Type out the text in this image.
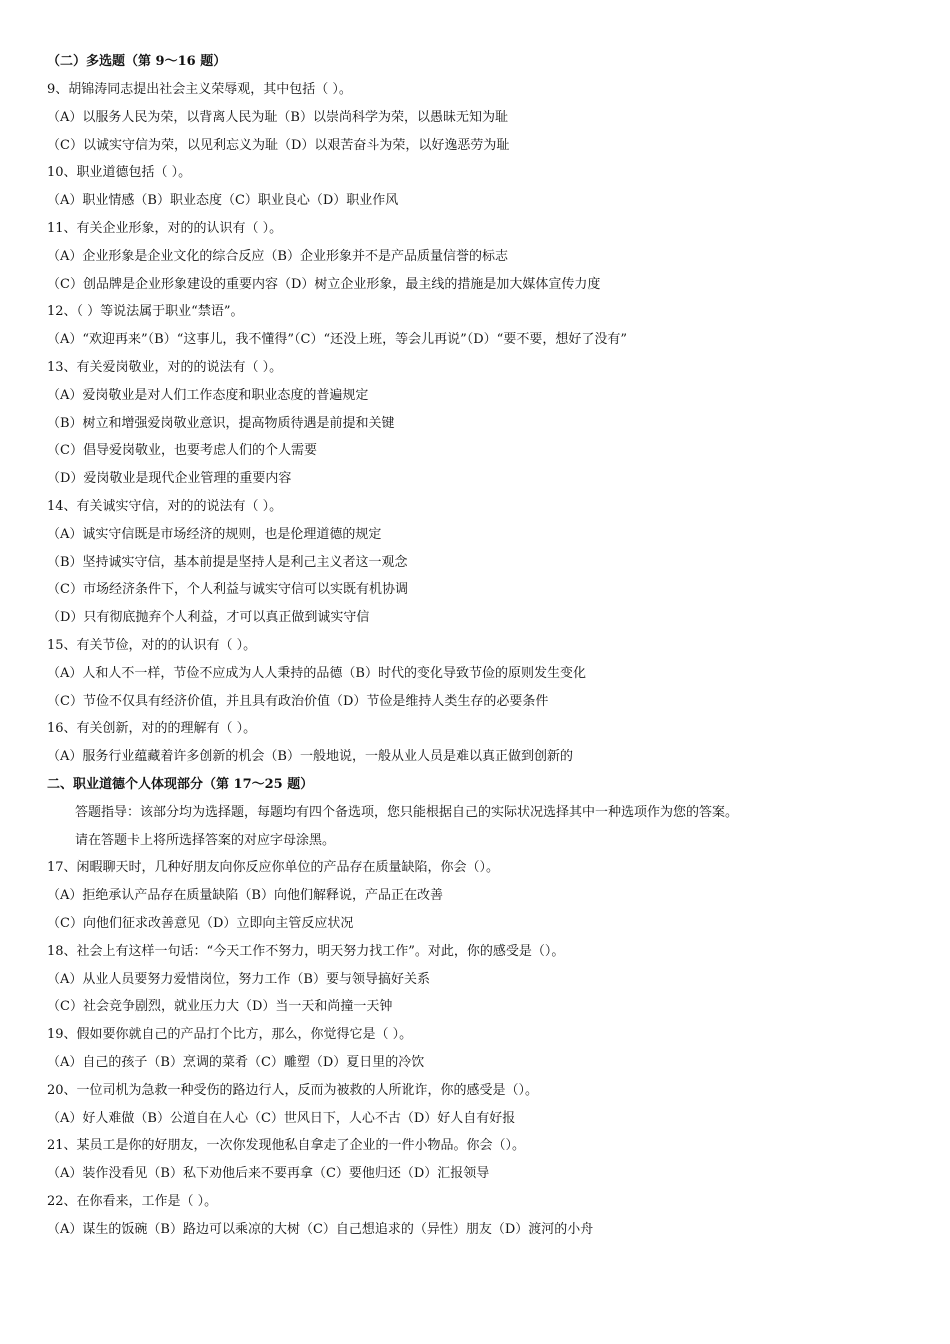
（二）多选题（第 9～16 题）
9、胡锦涛同志提出社会主义荣辱观，其中包括（ ）。
（A）以服务人民为荣，以背离人民为耻（B）以崇尚科学为荣，以愚昧无知为耻
（C）以诚实守信为荣，以见利忘义为耻（D）以艰苦奋斗为荣，以好逸恶劳为耻
10、职业道德包括（ ）。
（A）职业情感（B）职业态度（C）职业良心（D）职业作风
11、有关企业形象，对的的认识有（ ）。
（A）企业形象是企业文化的综合反应（B）企业形象并不是产品质量信誉的标志
（C）创品牌是企业形象建设的重要内容（D）树立企业形象，最主线的措施是加大媒体宣传力度
12、（ ）等说法属于职业“禁语”。
（A）“欢迎再来”（B）“这事儿，我不懂得”（C）“还没上班，等会儿再说”（D）“要不要，想好了没有”
13、有关爱岗敬业，对的的说法有（ ）。
（A）爱岗敬业是对人们工作态度和职业态度的普遍规定
（B）树立和增强爱岗敬业意识，提高物质待遇是前提和关键
（C）倡导爱岗敬业，也要考虑人们的个人需要
（D）爱岗敬业是现代企业管理的重要内容
14、有关诚实守信，对的的说法有（ ）。
（A）诚实守信既是市场经济的规则，也是伦理道德的规定
（B）坚持诚实守信，基本前提是坚持人是利己主义者这一观念
（C）市场经济条件下，个人利益与诚实守信可以实既有机协调
（D）只有彻底抛弃个人利益，才可以真正做到诚实守信
15、有关节俭，对的的认识有（ ）。
（A）人和人不一样，节俭不应成为人人秉持的品德（B）时代的变化导致节俭的原则发生变化
（C）节俭不仅具有经济价值，并且具有政治价值（D）节俭是维持人类生存的必要条件
16、有关创新，对的的理解有（ ）。
（A）服务行业蕴藏着许多创新的机会（B）一般地说，一般从业人员是难以真正做到创新的
二、职业道德个人体现部分（第 17～25 题）
答题指导：该部分均为选择题，每题均有四个备选项，您只能根据自己的实际状况选择其中一种选项作为您的答案。
请在答题卡上将所选择答案的对应字母涂黑。
17、闲暇聊天时，几种好朋友向你反应你单位的产品存在质量缺陷，你会（）。
（A）拒绝承认产品存在质量缺陷（B）向他们解释说，产品正在改善
（C）向他们征求改善意见（D）立即向主管反应状况
18、社会上有这样一句话：“今天工作不努力，明天努力找工作”。对此，你的感受是（）。
（A）从业人员要努力爱惜岗位，努力工作（B）要与领导搞好关系
（C）社会竞争剧烈，就业压力大（D）当一天和尚撞一天钟
19、假如要你就自己的产品打个比方，那么，你觉得它是（ ）。
（A）自己的孩子（B）烹调的菜肴（C）雕塑（D）夏日里的冷饮
20、一位司机为急救一种受伤的路边行人，反而为被救的人所讹诈，你的感受是（）。
（A）好人难做（B）公道自在人心（C）世风日下，人心不古（D）好人自有好报
21、某员工是你的好朋友，一次你发现他私自拿走了企业的一件小物品。你会（）。
（A）装作没看见（B）私下劝他后来不要再拿（C）要他归还（D）汇报领导
22、在你看来，工作是（ ）。
（A）谋生的饭碗（B）路边可以乘凉的大树（C）自己想追求的（异性）朋友（D）渡河的小舟
